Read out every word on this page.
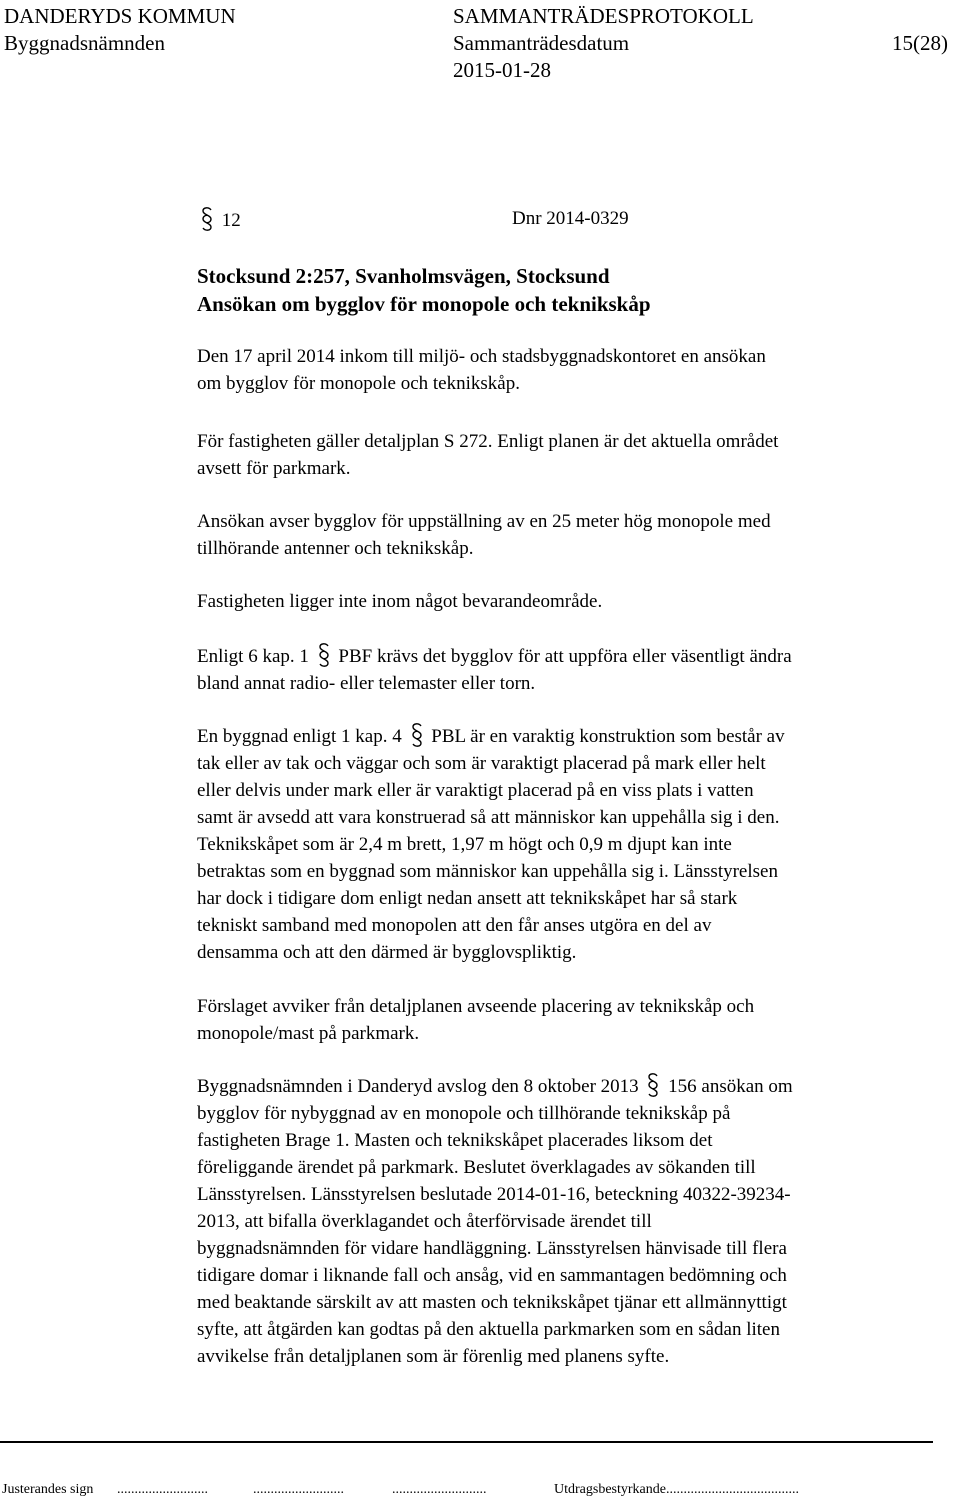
DANDERYDS KOMMUN	SAMMANTRÄDESPROTOKOLL
Byggnadsnämnden	Sammanträdesdatum	15(28)
2015-01-28
12	Dnr 2014-0329
Stocksund 2:257, Svanholmsvägen, Stocksund
Ansökan om bygglov för monopole och teknikskåp
Den 17 april 2014 inkom till miljö- och stadsbyggnadskontoret en ansökan
om bygglov för monopole och teknikskåp.
För fastigheten gäller detaljplan S 272. Enligt planen är det aktuella området
avsett för parkmark.
Ansökan avser bygglov för uppställning av en 25 meter hög monopole med
tillhörande antenner och teknikskåp.
Fastigheten ligger inte inom något bevarandeområde.
Enligt 6 kap. 1 PBF krävs det bygglov för att uppföra eller väsentligt ändra
bland annat radio- eller telemaster eller torn.
En byggnad enligt 1 kap. 4 PBL är en varaktig konstruktion som består av
tak eller av tak och väggar och som är varaktigt placerad på mark eller helt
eller delvis under mark eller är varaktigt placerad på en viss plats i vatten
samt är avsedd att vara konstruerad så att människor kan uppehålla sig i den.
Teknikskåpet som är 2,4 m brett, 1,97 m högt och 0,9 m djupt kan inte
betraktas som en byggnad som människor kan uppehålla sig i. Länsstyrelsen
har dock i tidigare dom enligt nedan ansett att teknikskåpet har så stark
tekniskt samband med monopolen att den får anses utgöra en del av
densamma och att den därmed är bygglovspliktig.
Förslaget avviker från detaljplanen avseende placering av teknikskåp och
monopole/mast på parkmark.
Byggnadsnämnden i Danderyd avslog den 8 oktober 2013 156 ansökan om
bygglov för nybyggnad av en monopole och tillhörande teknikskåp på
fastigheten Brage 1. Masten och teknikskåpet placerades liksom det
föreliggande ärendet på parkmark. Beslutet överklagades av sökanden till
Länsstyrelsen. Länsstyrelsen beslutade 2014-01-16, beteckning 40322-39234-
2013, att bifalla överklagandet och återförvisade ärendet till
byggnadsnämnden för vidare handläggning. Länsstyrelsen hänvisade till flera
tidigare domar i liknande fall och ansåg, vid en sammantagen bedömning och
med beaktande särskilt av att masten och teknikskåpet tjänar ett allmännyttigt
syfte, att åtgärden kan godtas på den aktuella parkmarken som en sådan liten
avvikelse från detaljplanen som är förenlig med planens syfte.
Justerandes sign ..........................	..........................	...........................	Utdragsbestyrkande......................................
